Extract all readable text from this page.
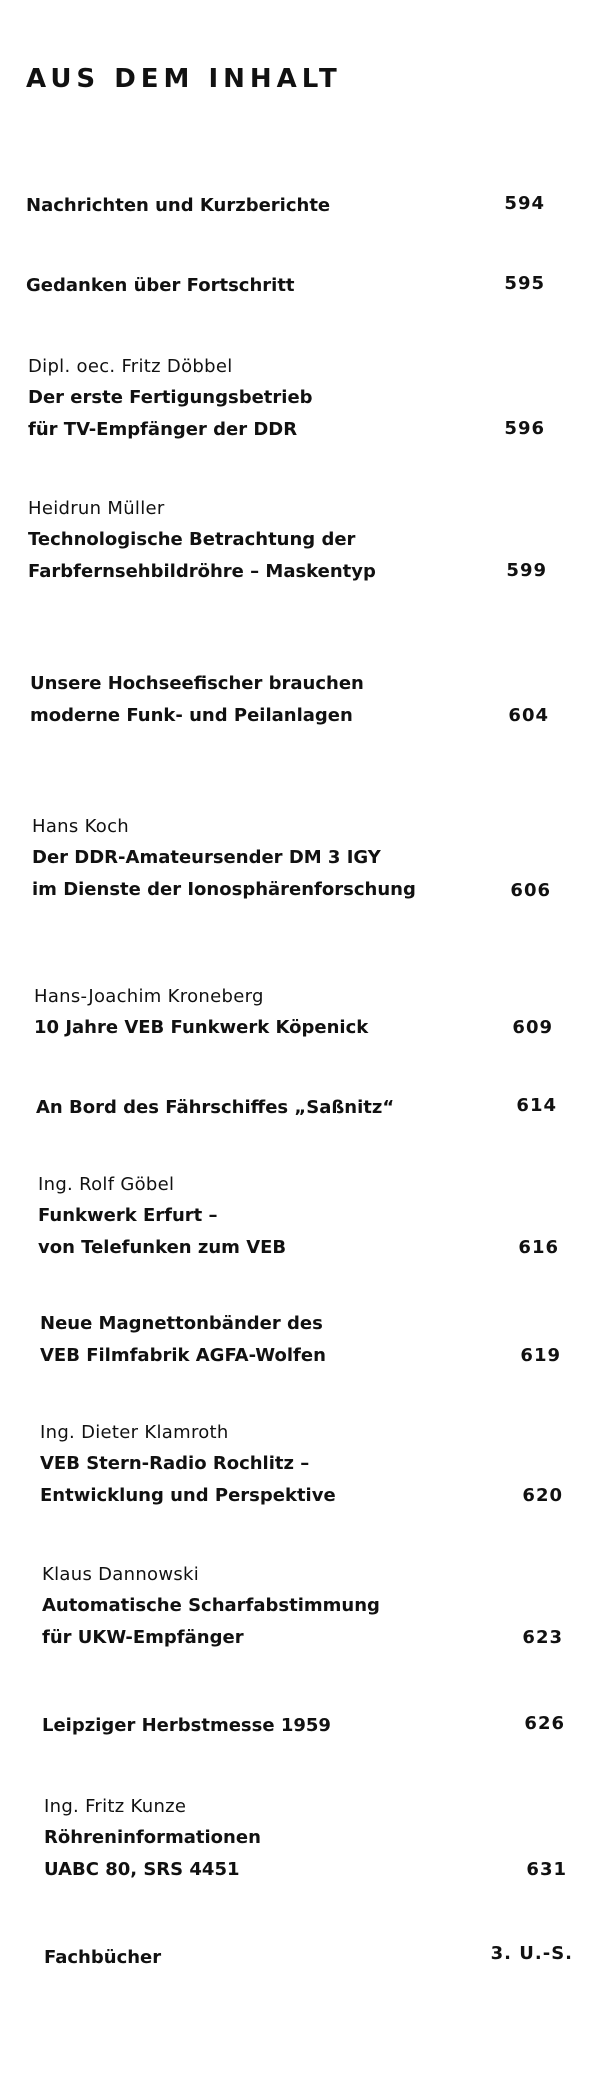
AUS DEM INHALT
Nachrichten und Kurzberichte	594
Gedanken über Fortschritt	595
Dipl. oec. Fritz Döbbel
Der erste Fertigungsbetrieb
für TV-Empfänger der DDR	596
Heidrun Müller
Technologische Betrachtung der
Farbfernsehbildröhre – Maskentyp	599
Unsere Hochseefischer brauchen
moderne Funk- und Peilanlagen	604
Hans Koch
Der DDR-Amateursender DM 3 IGY
im Dienste der Ionosphärenforschung	606
Hans-Joachim Kroneberg
10 Jahre VEB Funkwerk Köpenick	609
An Bord des Fährschiffes „Saßnitz“	614
Ing. Rolf Göbel
Funkwerk Erfurt –
von Telefunken zum VEB	616
Neue Magnettonbänder des
VEB Filmfabrik AGFA-Wolfen	619
Ing. Dieter Klamroth
VEB Stern-Radio Rochlitz –
Entwicklung und Perspektive	620
Klaus Dannowski
Automatische Scharfabstimmung
für UKW-Empfänger	623
Leipziger Herbstmesse 1959	626
Ing. Fritz Kunze
Röhreninformationen
UABC 80, SRS 4451	631
Fachbücher	3. U.-S.
